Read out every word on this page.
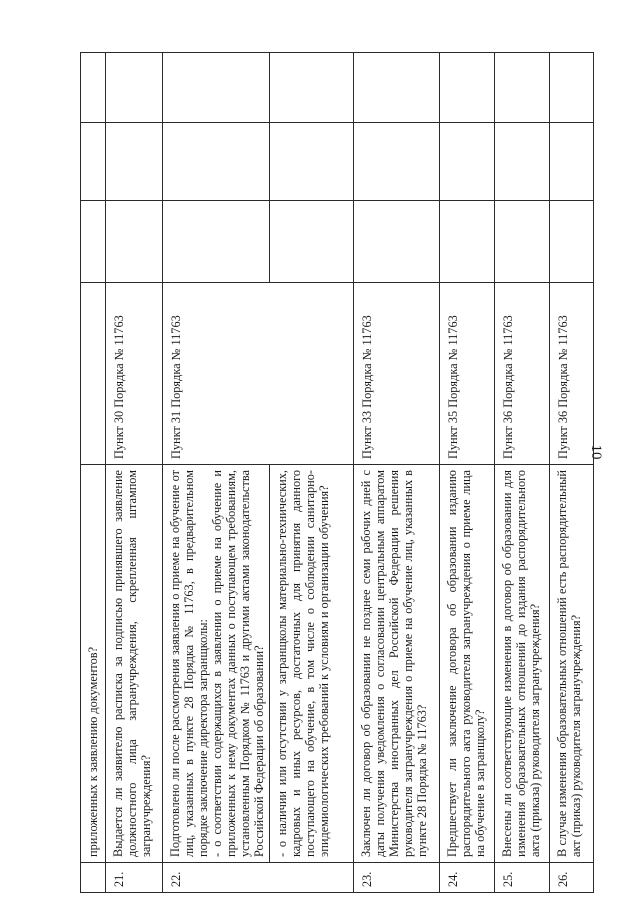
10
	приложенных к заявлению документов?				
21.	Выдается ли заявителю расписка за подписью принявшего заявление должностного лица загранучреждения, скрепленная штампом загранучреждения?	Пункт 30 Порядка № 11763			
22.	Подготовлено ли после рассмотрения заявления о приеме на обучение от лиц, указанных в пункте 28 Порядка № 11763, в предварительном порядке заключение директора загранщколы: - о соответствии содержащихся в заявлении о приеме на обучение и приложенных к нему документах данных о поступающем требованиям, установленным Порядком № 11763 и другими актами законодательства Российской Федерации об образовании?	Пункт 31 Порядка № 11763			
	- о наличии или отсутствии у загранщколы материально-технических, кадровых и иных ресурсов, достаточных для принятия данного поступающего на обучение, в том числе о соблюдении санитарно-эпидемиологических требований к условиям и организации обучения?				
23.	Заключен ли договор об образовании не позднее семи рабочих дней с даты получения уведомления о согласовании центральным аппаратом Министерства иностранных дел Российской Федерации решения руководителя загранучреждения о приеме на обучение лиц, указанных в пункте 28 Порядка № 11763?	Пункт 33 Порядка № 11763			
24.	Предшествует ли заключение договора об образовании изданию распорядительного акта руководителя загранучреждения о приеме лица на обучение в загранщколу?	Пункт 35 Порядка № 11763			
25.	Внесены ли соответствующие изменения в договор об образовании для изменения образовательных отношений до издания распорядительного акта (приказа) руководителя загранучреждения?	Пункт 36 Порядка № 11763			
26.	В случае изменения образовательных отношений есть распорядительный акт (приказ) руководителя загранучреждения?	Пункт 36 Порядка № 11763			
